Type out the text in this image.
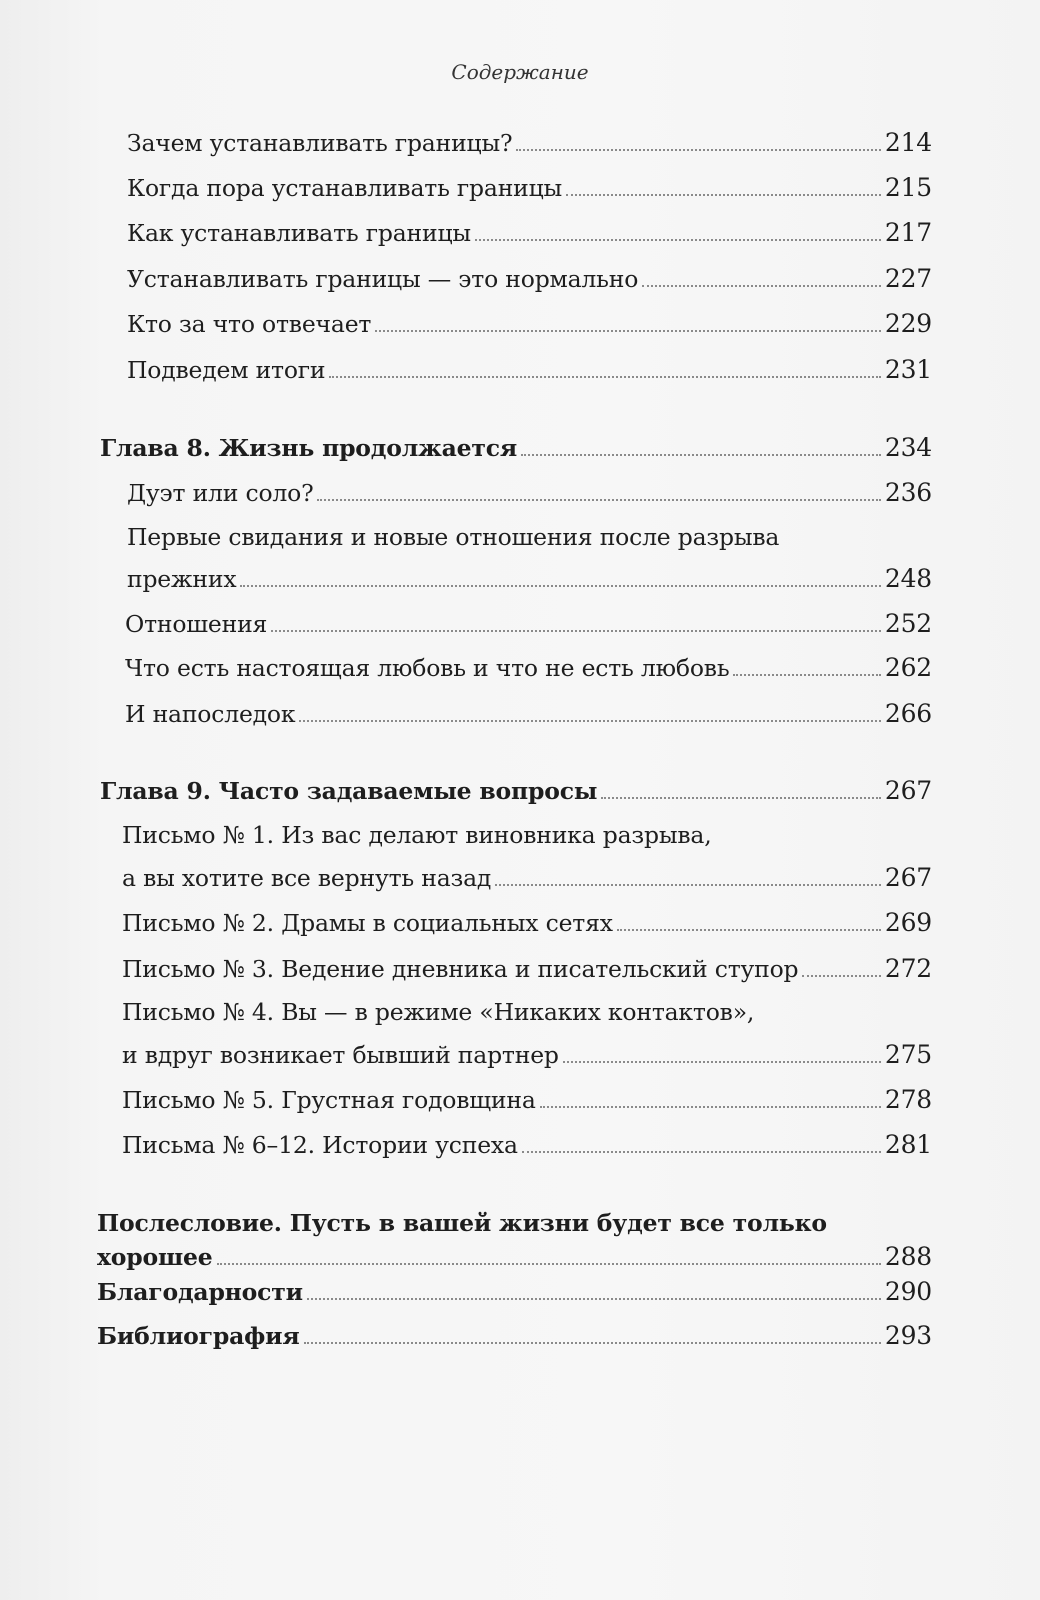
Содержание
Зачем устанавливать границы?	214
Когда пора устанавливать границы	215
Как устанавливать границы	217
Устанавливать границы — это нормально	227
Кто за что отвечает	229
Подведем итоги	231
Глава 8. Жизнь продолжается	234
Дуэт или соло?	236
Первые свидания и новые отношения после разрыва
прежних	248
Отношения	252
Что есть настоящая любовь и что не есть любовь	262
И напоследок	266
Глава 9. Часто задаваемые вопросы	267
Письмо № 1. Из вас делают виновника разрыва,
а вы хотите все вернуть назад	267
Письмо № 2. Драмы в социальных сетях	269
Письмо № 3. Ведение дневника и писательский ступор	272
Письмо № 4. Вы — в режиме «Никаких контактов»,
и вдруг возникает бывший партнер	275
Письмо № 5. Грустная годовщина	278
Письма № 6–12. Истории успеха	281
Послесловие. Пусть в вашей жизни будет все только
хорошее	288
Благодарности	290
Библиография	293
